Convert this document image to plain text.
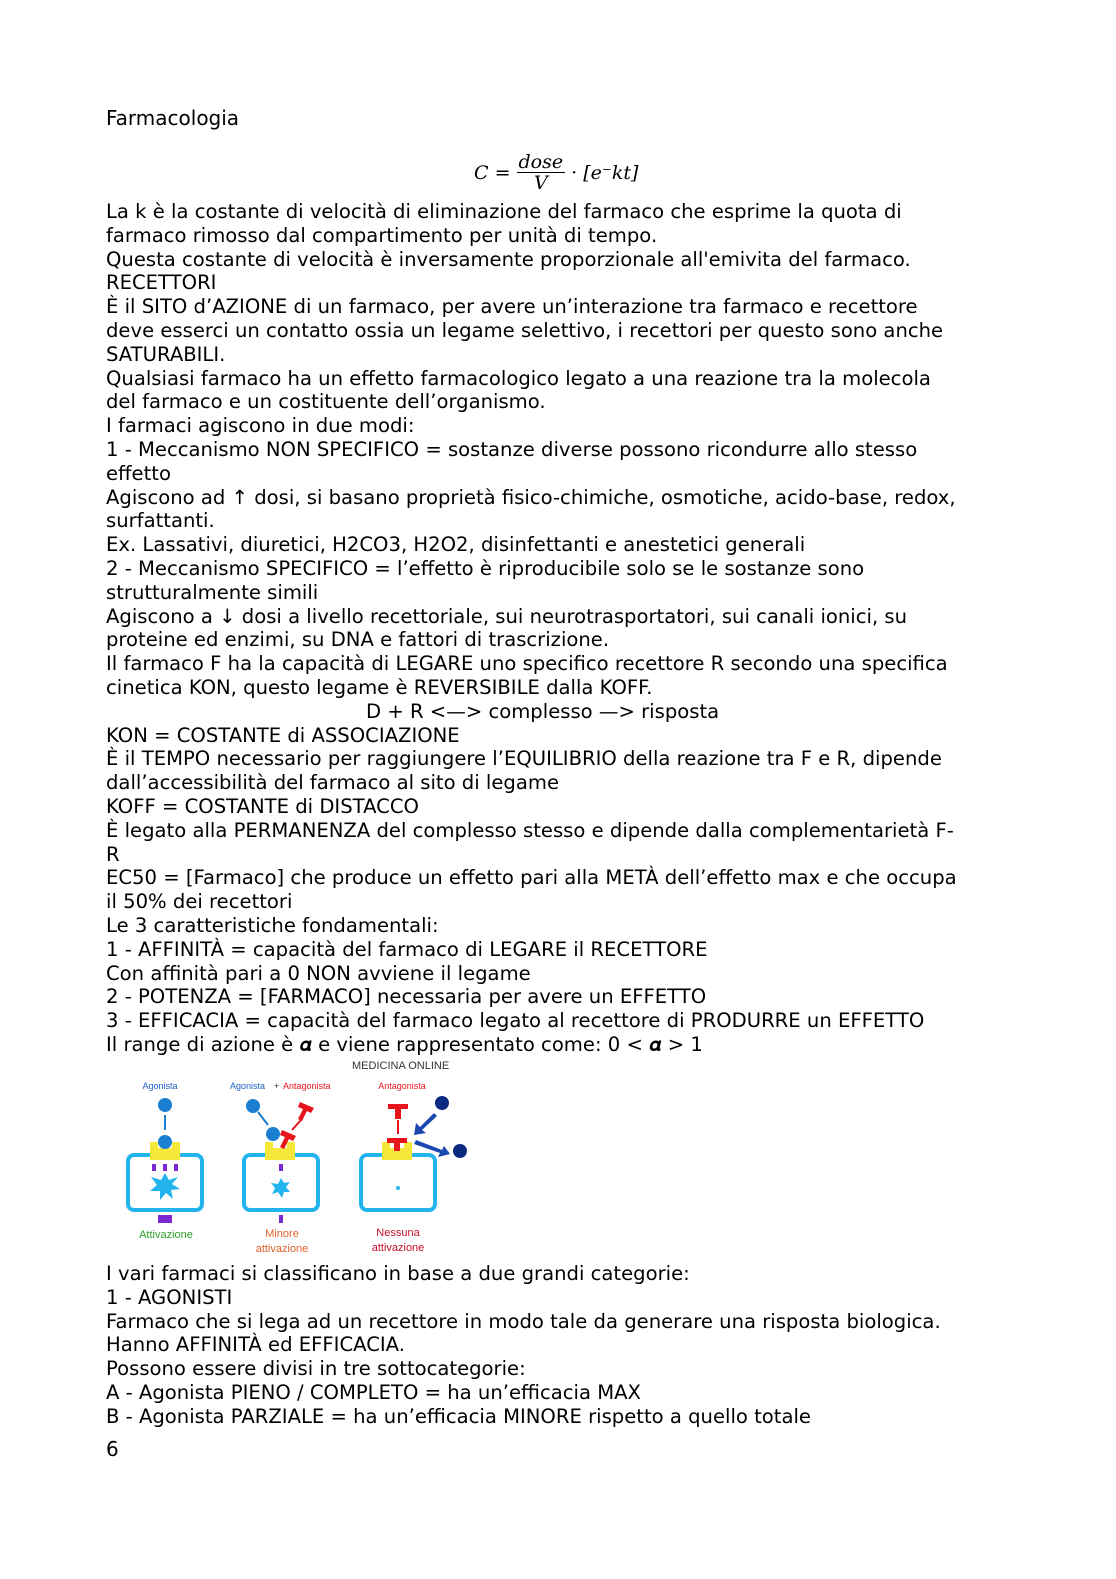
Farmacologia
$C = \frac{\text{dose}}{V} \cdot [e^-kt]$
La k è la costante di velocità di eliminazione del farmaco che esprime la quota di
farmaco rimosso dal compartimento per unità di tempo.
Questa costante di velocità è inversamente proporzionale all'emivita del farmaco.
RECETTORI
È il SITO d’AZIONE di un farmaco, per avere un’interazione tra farmaco e recettore
deve esserci un contatto ossia un legame selettivo, i recettori per questo sono anche
SATURABILI.
Qualsiasi farmaco ha un effetto farmacologico legato a una reazione tra la molecola
del farmaco e un costituente dell’organismo.
I farmaci agiscono in due modi:
1 - Meccanismo NON SPECIFICO = sostanze diverse possono ricondurre allo stesso
effetto
Agiscono ad ↑ dosi, si basano proprietà fisico-chimiche, osmotiche, acido-base, redox,
surfattanti.
Ex. Lassativi, diuretici, H2CO3, H2O2, disinfettanti e anestetici generali
2 - Meccanismo SPECIFICO = l’effetto è riproducibile solo se le sostanze sono
strutturalmente simili
Agiscono a ↓ dosi a livello recettoriale, sui neurotrasportatori, sui canali ionici, su
proteine ed enzimi, su DNA e fattori di trascrizione.
Il farmaco F ha la capacità di LEGARE uno specifico recettore R secondo una specifica
cinetica KON, questo legame è REVERSIBILE dalla KOFF.
D + R <—> complesso —> risposta
KON = COSTANTE di ASSOCIAZIONE
È il TEMPO necessario per raggiungere l’EQUILIBRIO della reazione tra F e R, dipende
dall’accessibilità del farmaco al sito di legame
KOFF = COSTANTE di DISTACCO
È legato alla PERMANENZA del complesso stesso e dipende dalla complementarietà F-
R
EC50 = [Farmaco] che produce un effetto pari alla METÀ dell’effetto max e che occupa
il 50% dei recettori
Le 3 caratteristiche fondamentali:
1 - AFFINITÀ = capacità del farmaco di LEGARE il RECETTORE
Con affinità pari a 0 NON avviene il legame
2 - POTENZA = [FARMACO] necessaria per avere un EFFETTO
3 - EFFICACIA = capacità del farmaco legato al recettore di PRODURRE un EFFETTO
Il range di azione è 𝜶 e viene rappresentato come: 0 < 𝜶 > 1
MEDICINA ONLINE
Agonista
Attivazione
Agonista + Antagonista
Minore
attivazione
Antagonista
Nessuna
attivazione
I vari farmaci si classificano in base a due grandi categorie:
1 - AGONISTI
Farmaco che si lega ad un recettore in modo tale da generare una risposta biologica.
Hanno AFFINITÀ ed EFFICACIA.
Possono essere divisi in tre sottocategorie:
A - Agonista PIENO / COMPLETO = ha un’efficacia MAX
B - Agonista PARZIALE = ha un’efficacia MINORE rispetto a quello totale
6
